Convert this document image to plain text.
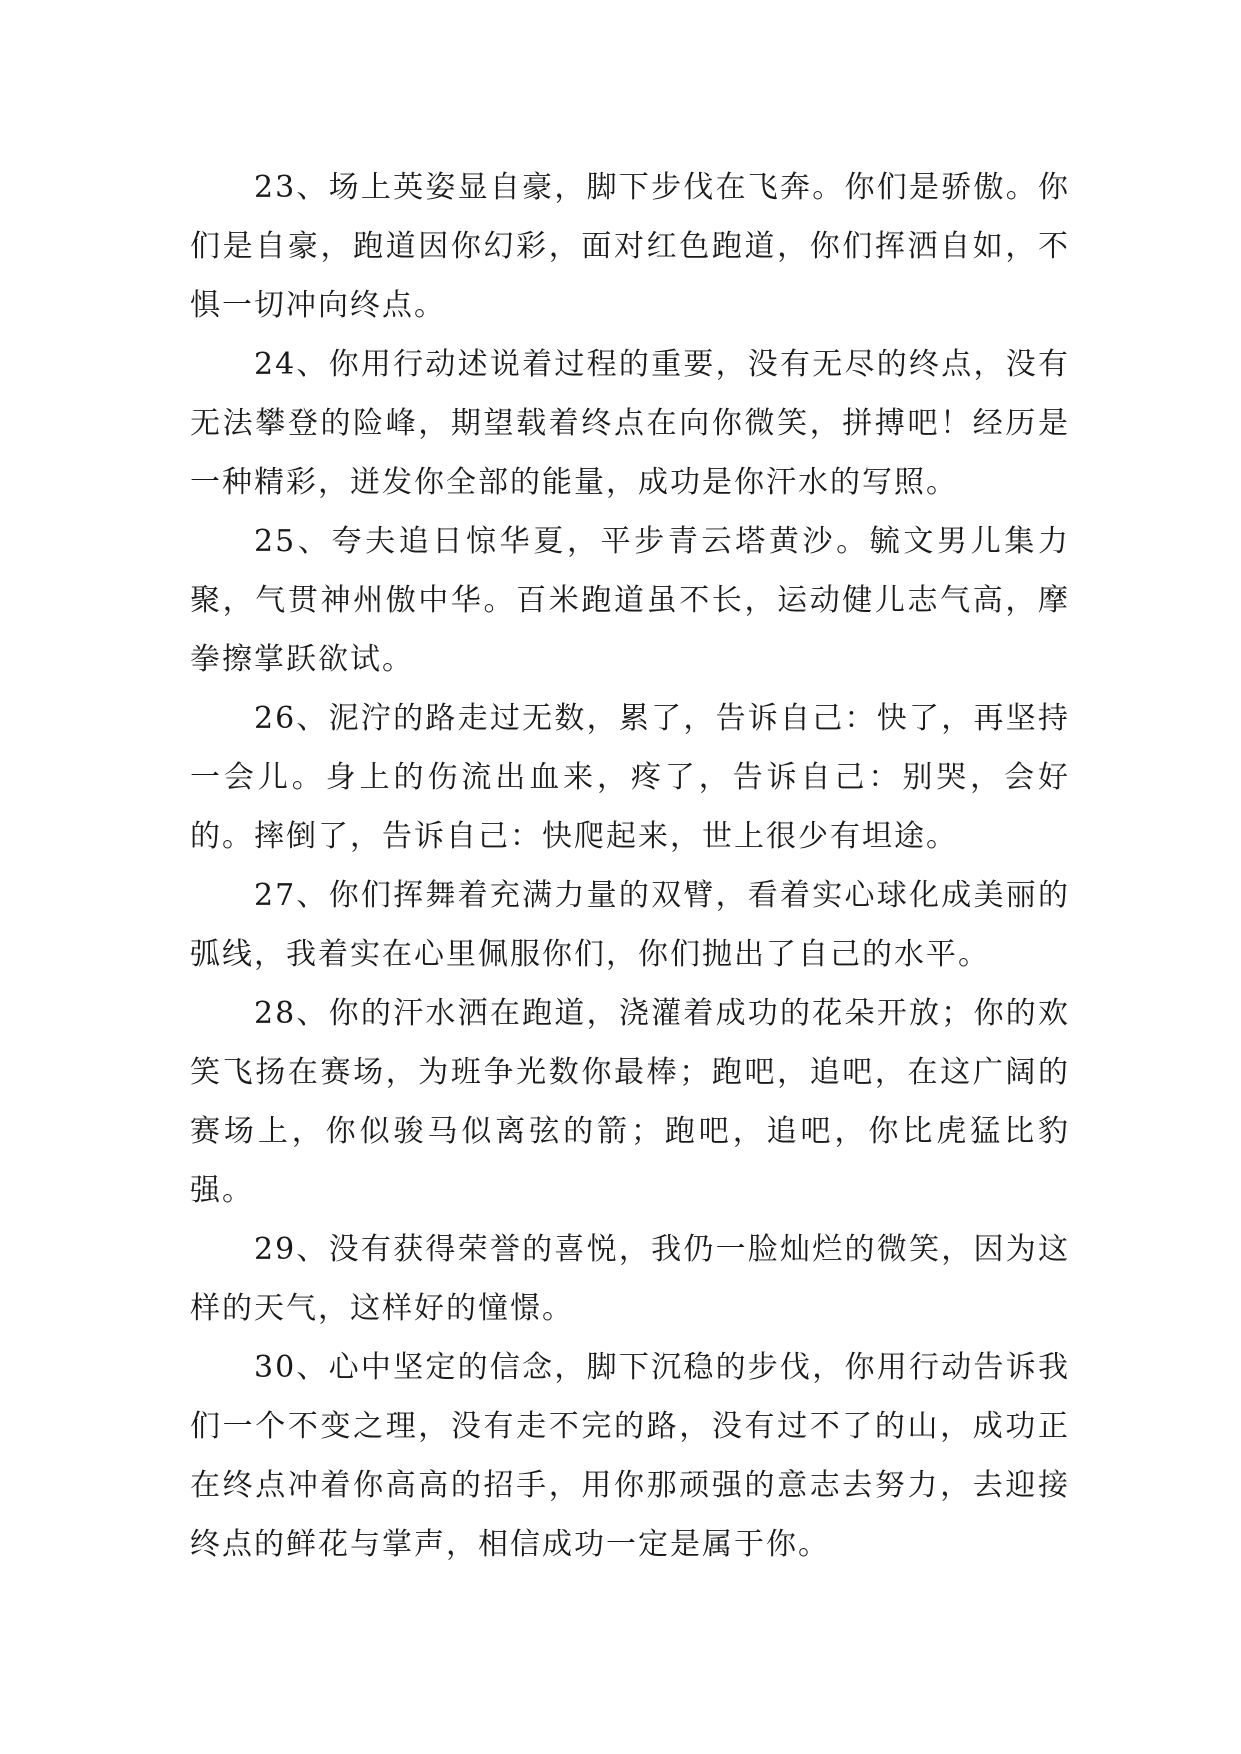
23、场上英姿显自豪，脚下步伐在飞奔。你们是骄傲。你们是自豪，跑道因你幻彩，面对红色跑道，你们挥洒自如，不惧一切冲向终点。

24、你用行动述说着过程的重要，没有无尽的终点，没有无法攀登的险峰，期望载着终点在向你微笑，拼搏吧！经历是一种精彩，迸发你全部的能量，成功是你汗水的写照。

25、夸夫追日惊华夏，平步青云塔黄沙。毓文男儿集力聚，气贯神州傲中华。百米跑道虽不长，运动健儿志气高，摩拳擦掌跃欲试。

26、泥泞的路走过无数，累了，告诉自己：快了，再坚持一会儿。身上的伤流出血来，疼了，告诉自己：别哭，会好的。摔倒了，告诉自己：快爬起来，世上很少有坦途。

27、你们挥舞着充满力量的双臂，看着实心球化成美丽的弧线，我着实在心里佩服你们，你们抛出了自己的水平。

28、你的汗水洒在跑道，浇灌着成功的花朵开放；你的欢笑飞扬在赛场，为班争光数你最棒；跑吧，追吧，在这广阔的赛场上，你似骏马似离弦的箭；跑吧，追吧，你比虎猛比豹强。

29、没有获得荣誉的喜悦，我仍一脸灿烂的微笑，因为这样的天气，这样好的憧憬。

30、心中坚定的信念，脚下沉稳的步伐，你用行动告诉我们一个不变之理，没有走不完的路，没有过不了的山，成功正在终点冲着你高高的招手，用你那顽强的意志去努力，去迎接终点的鲜花与掌声，相信成功一定是属于你。
